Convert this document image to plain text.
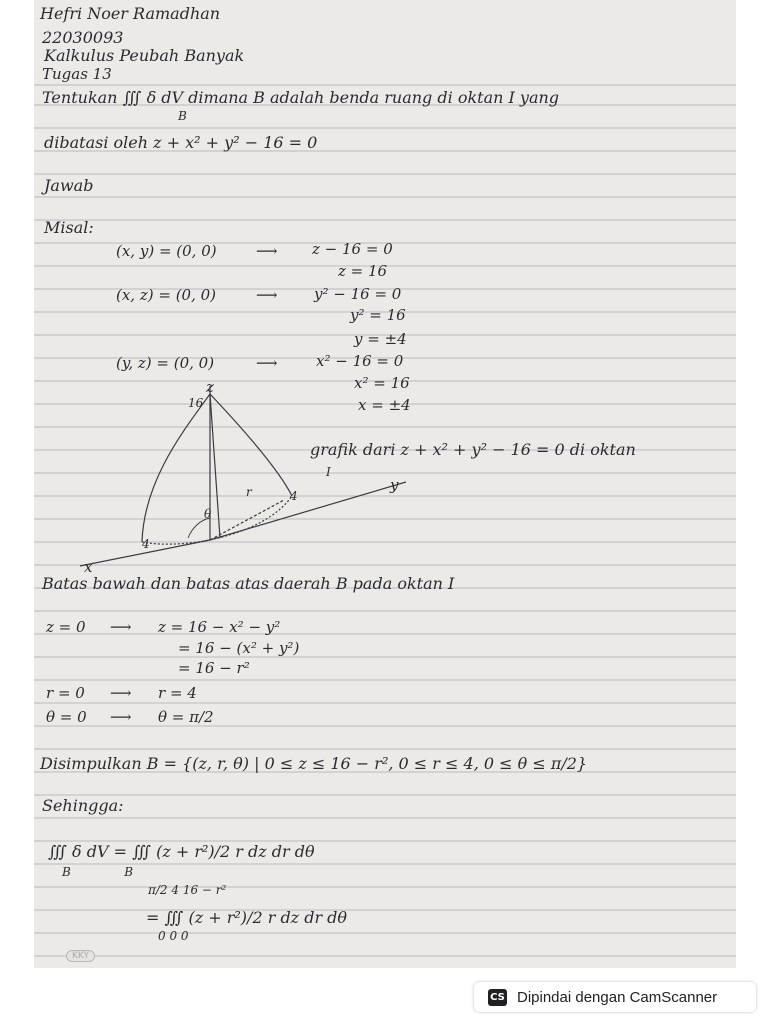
Hefri Noer Ramadhan
22030093
Kalkulus Peubah Banyak
Tugas 13
Tentukan ∭ δ dV dimana B adalah benda ruang di oktan I yang
B
dibatasi oleh z + x² + y² − 16 = 0
Jawab
Misal:
(x, y) = (0, 0)	⟶ z − 16 = 0
z = 16
(x, z) = (0, 0)	⟶ y² − 16 = 0
y² = 16
y = ±4
(y, z) = (0, 0)	⟶	x² − 16 = 0
x² = 16
x = ±4
z
16
y
x
4
4
θ
r
grafik dari z + x² + y² − 16 = 0 di oktan
I
Batas bawah dan batas atas daerah B pada oktan I
z = 0 ⟶ z = 16 − x² − y²
= 16 − (x² + y²)
= 16 − r²
r = 0 ⟶ r = 4
θ = 0 ⟶ θ = π/2
Disimpulkan B = {(z, r, θ) | 0 ≤ z ≤ 16 − r², 0 ≤ r ≤ 4, 0 ≤ θ ≤ π/2}
Sehingga:
∭ δ dV = ∭ (z + r²)/2 r dz dr dθ
B              B
π/2 4 16 − r²
= ∭ (z + r²)/2 r dz dr dθ
0 0 0
KKY
CS Dipindai dengan CamScanner
